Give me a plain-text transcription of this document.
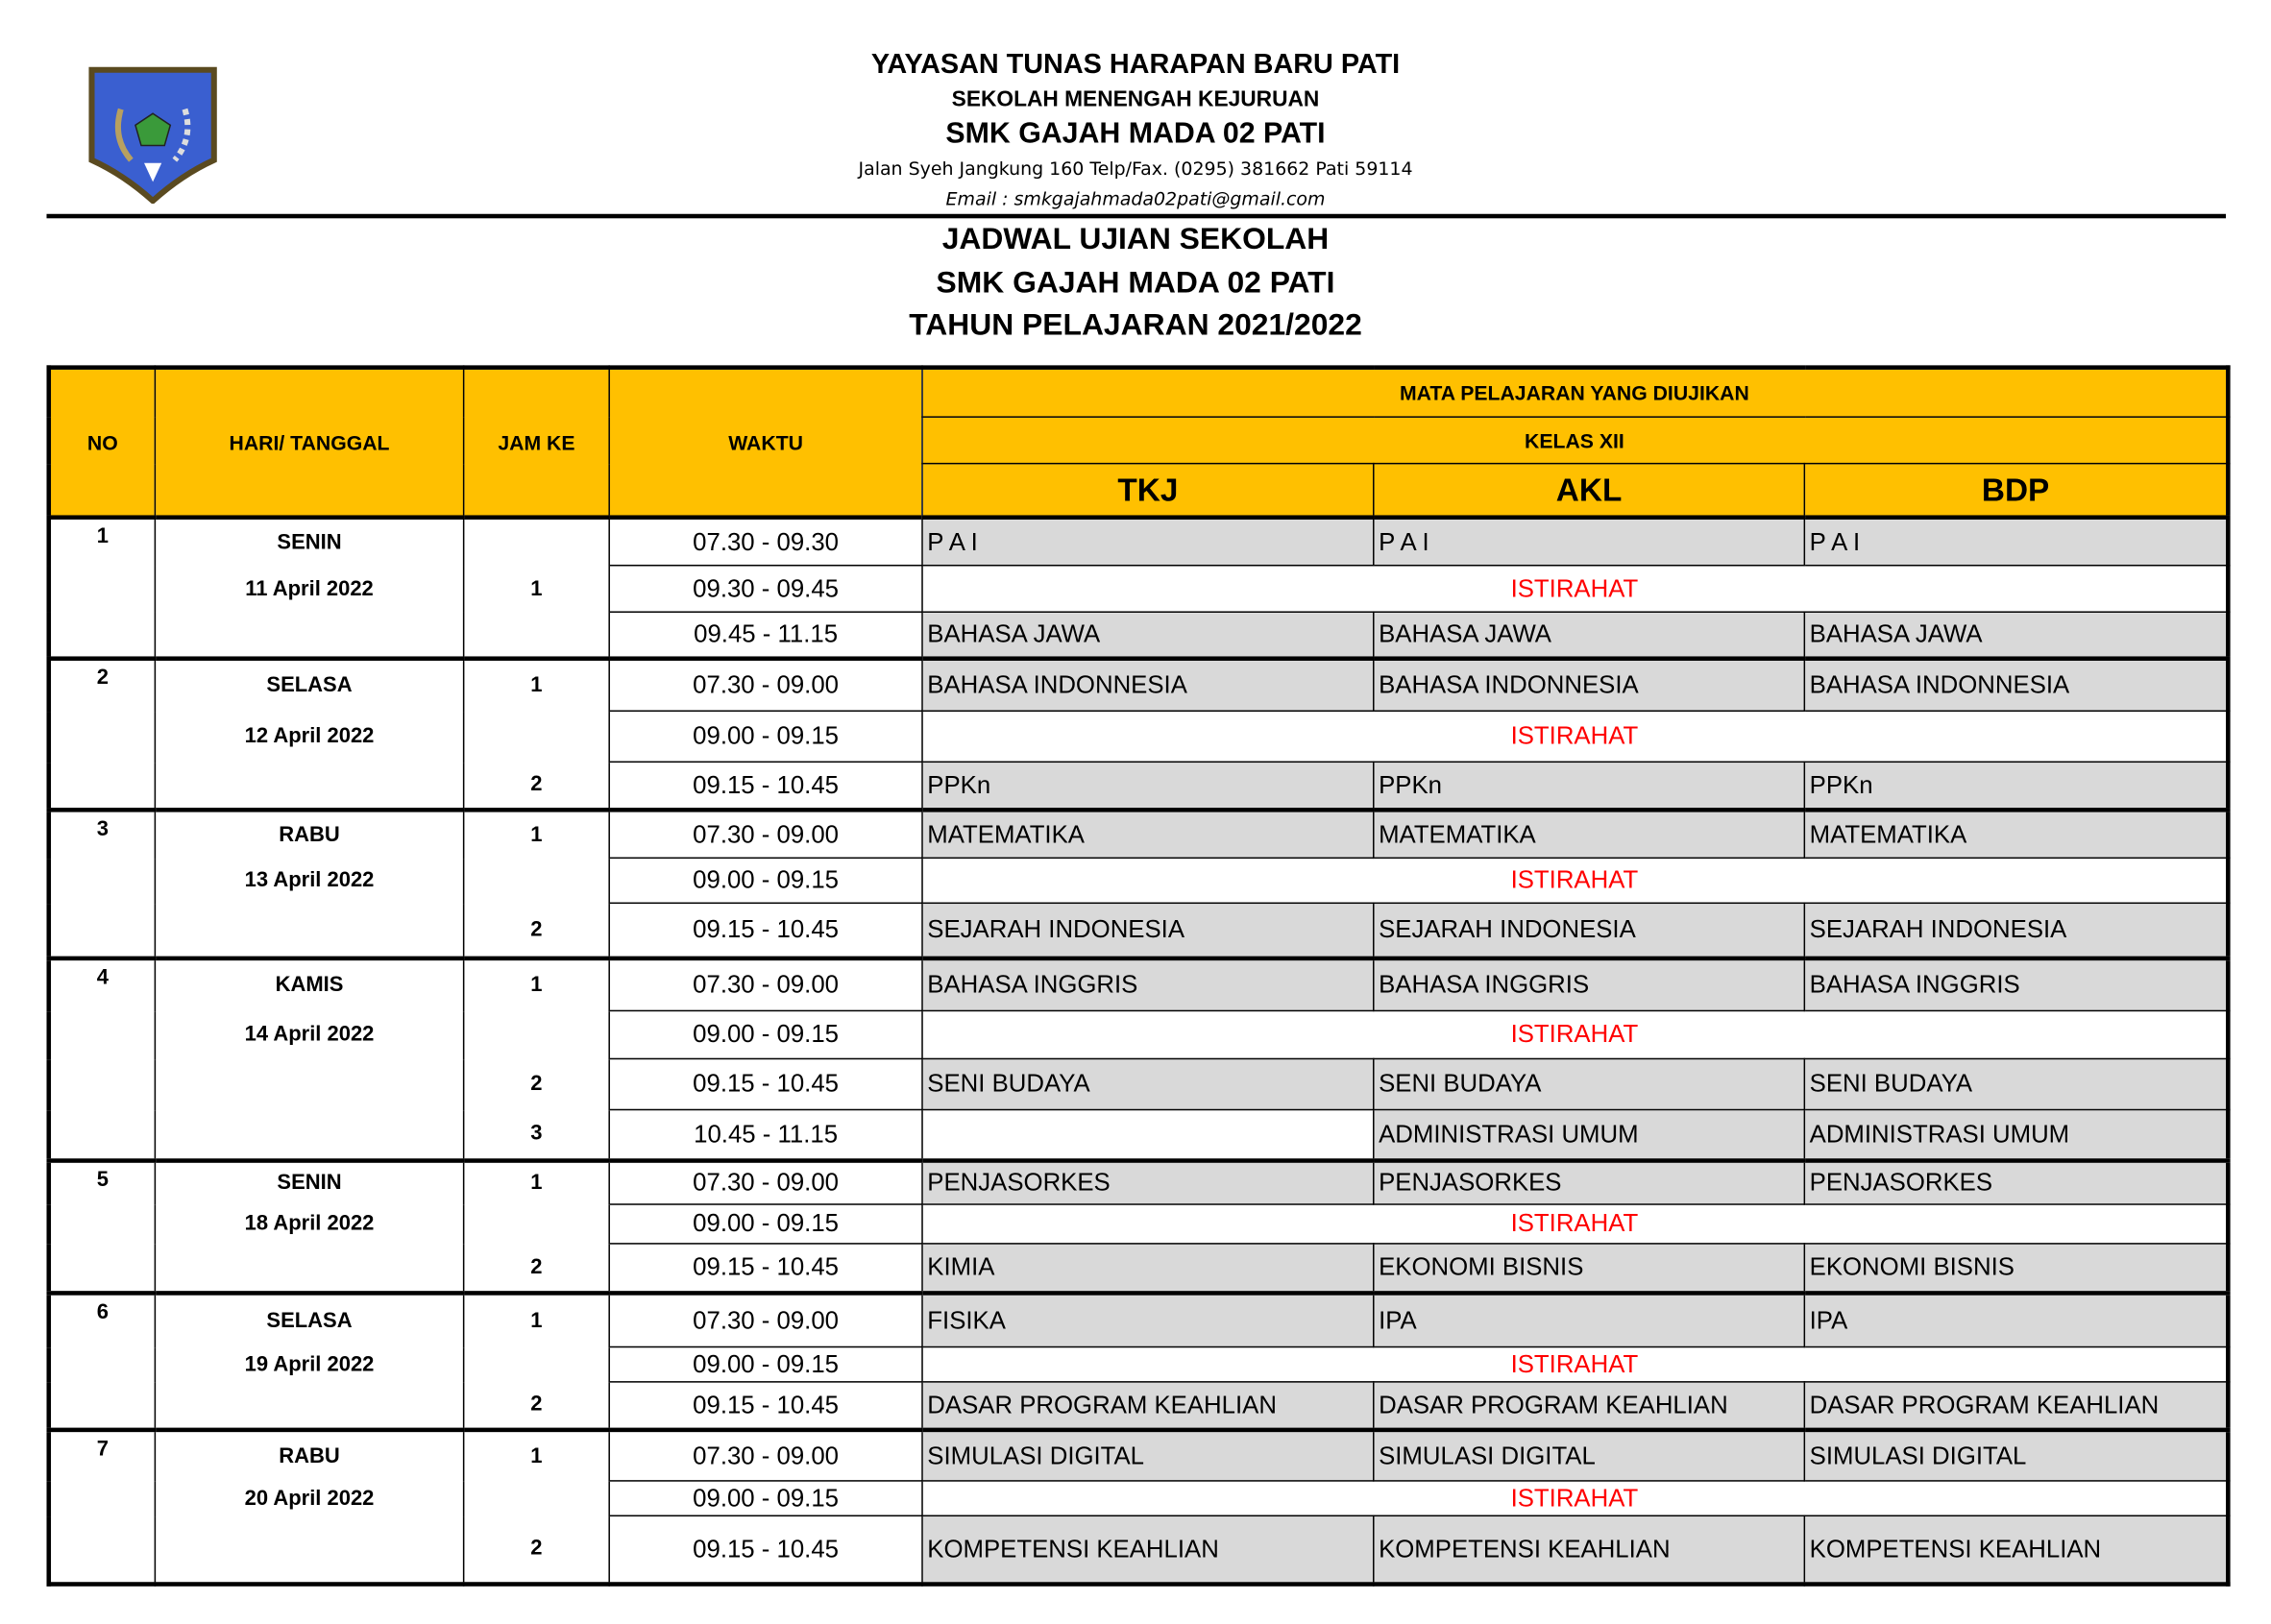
YAYASAN TUNAS HARAPAN BARU PATI
SEKOLAH MENENGAH KEJURUAN
SMK GAJAH MADA 02 PATI
Jalan Syeh Jangkung 160 Telp/Fax. (0295) 381662 Pati 59114
Email : smkgajahmada02pati@gmail.com
JADWAL UJIAN SEKOLAH
SMK GAJAH MADA 02 PATI
TAHUN PELAJARAN 2021/2022
NO	HARI/ TANGGAL	JAM KE	WAKTU	MATA PELAJARAN YANG DIUJIKAN		
				KELAS XII		
				TKJ	AKL	BDP
1	SENIN		07.30 - 09.30	P A I	P A I	P A I
	11 April 2022	1	09.30 - 09.45	ISTIRAHAT		
			09.45 - 11.15	BAHASA JAWA	BAHASA JAWA	BAHASA JAWA
2	SELASA	1	07.30 - 09.00	BAHASA INDONNESIA	BAHASA INDONNESIA	BAHASA INDONNESIA
	12 April 2022		09.00 - 09.15	ISTIRAHAT		
		2	09.15 - 10.45	PPKn	PPKn	PPKn
3	RABU	1	07.30 - 09.00	MATEMATIKA	MATEMATIKA	MATEMATIKA
	13 April 2022		09.00 - 09.15	ISTIRAHAT		
		2	09.15 - 10.45	SEJARAH INDONESIA	SEJARAH INDONESIA	SEJARAH INDONESIA
4	KAMIS	1	07.30 - 09.00	BAHASA INGGRIS	BAHASA INGGRIS	BAHASA INGGRIS
	14 April 2022		09.00 - 09.15	ISTIRAHAT		
		2	09.15 - 10.45	SENI BUDAYA	SENI BUDAYA	SENI BUDAYA
		3	10.45 - 11.15		ADMINISTRASI UMUM	ADMINISTRASI UMUM
5	SENIN	1	07.30 - 09.00	PENJASORKES	PENJASORKES	PENJASORKES
	18 April 2022		09.00 - 09.15	ISTIRAHAT		
		2	09.15 - 10.45	KIMIA	EKONOMI BISNIS	EKONOMI BISNIS
6	SELASA	1	07.30 - 09.00	FISIKA	IPA	IPA
	19 April 2022		09.00 - 09.15	ISTIRAHAT		
		2	09.15 - 10.45	DASAR PROGRAM KEAHLIAN	DASAR PROGRAM KEAHLIAN	DASAR PROGRAM KEAHLIAN
7	RABU	1	07.30 - 09.00	SIMULASI DIGITAL	SIMULASI DIGITAL	SIMULASI DIGITAL
	20 April 2022		09.00 - 09.15	ISTIRAHAT		
		2	09.15 - 10.45	KOMPETENSI KEAHLIAN	KOMPETENSI KEAHLIAN	KOMPETENSI KEAHLIAN
